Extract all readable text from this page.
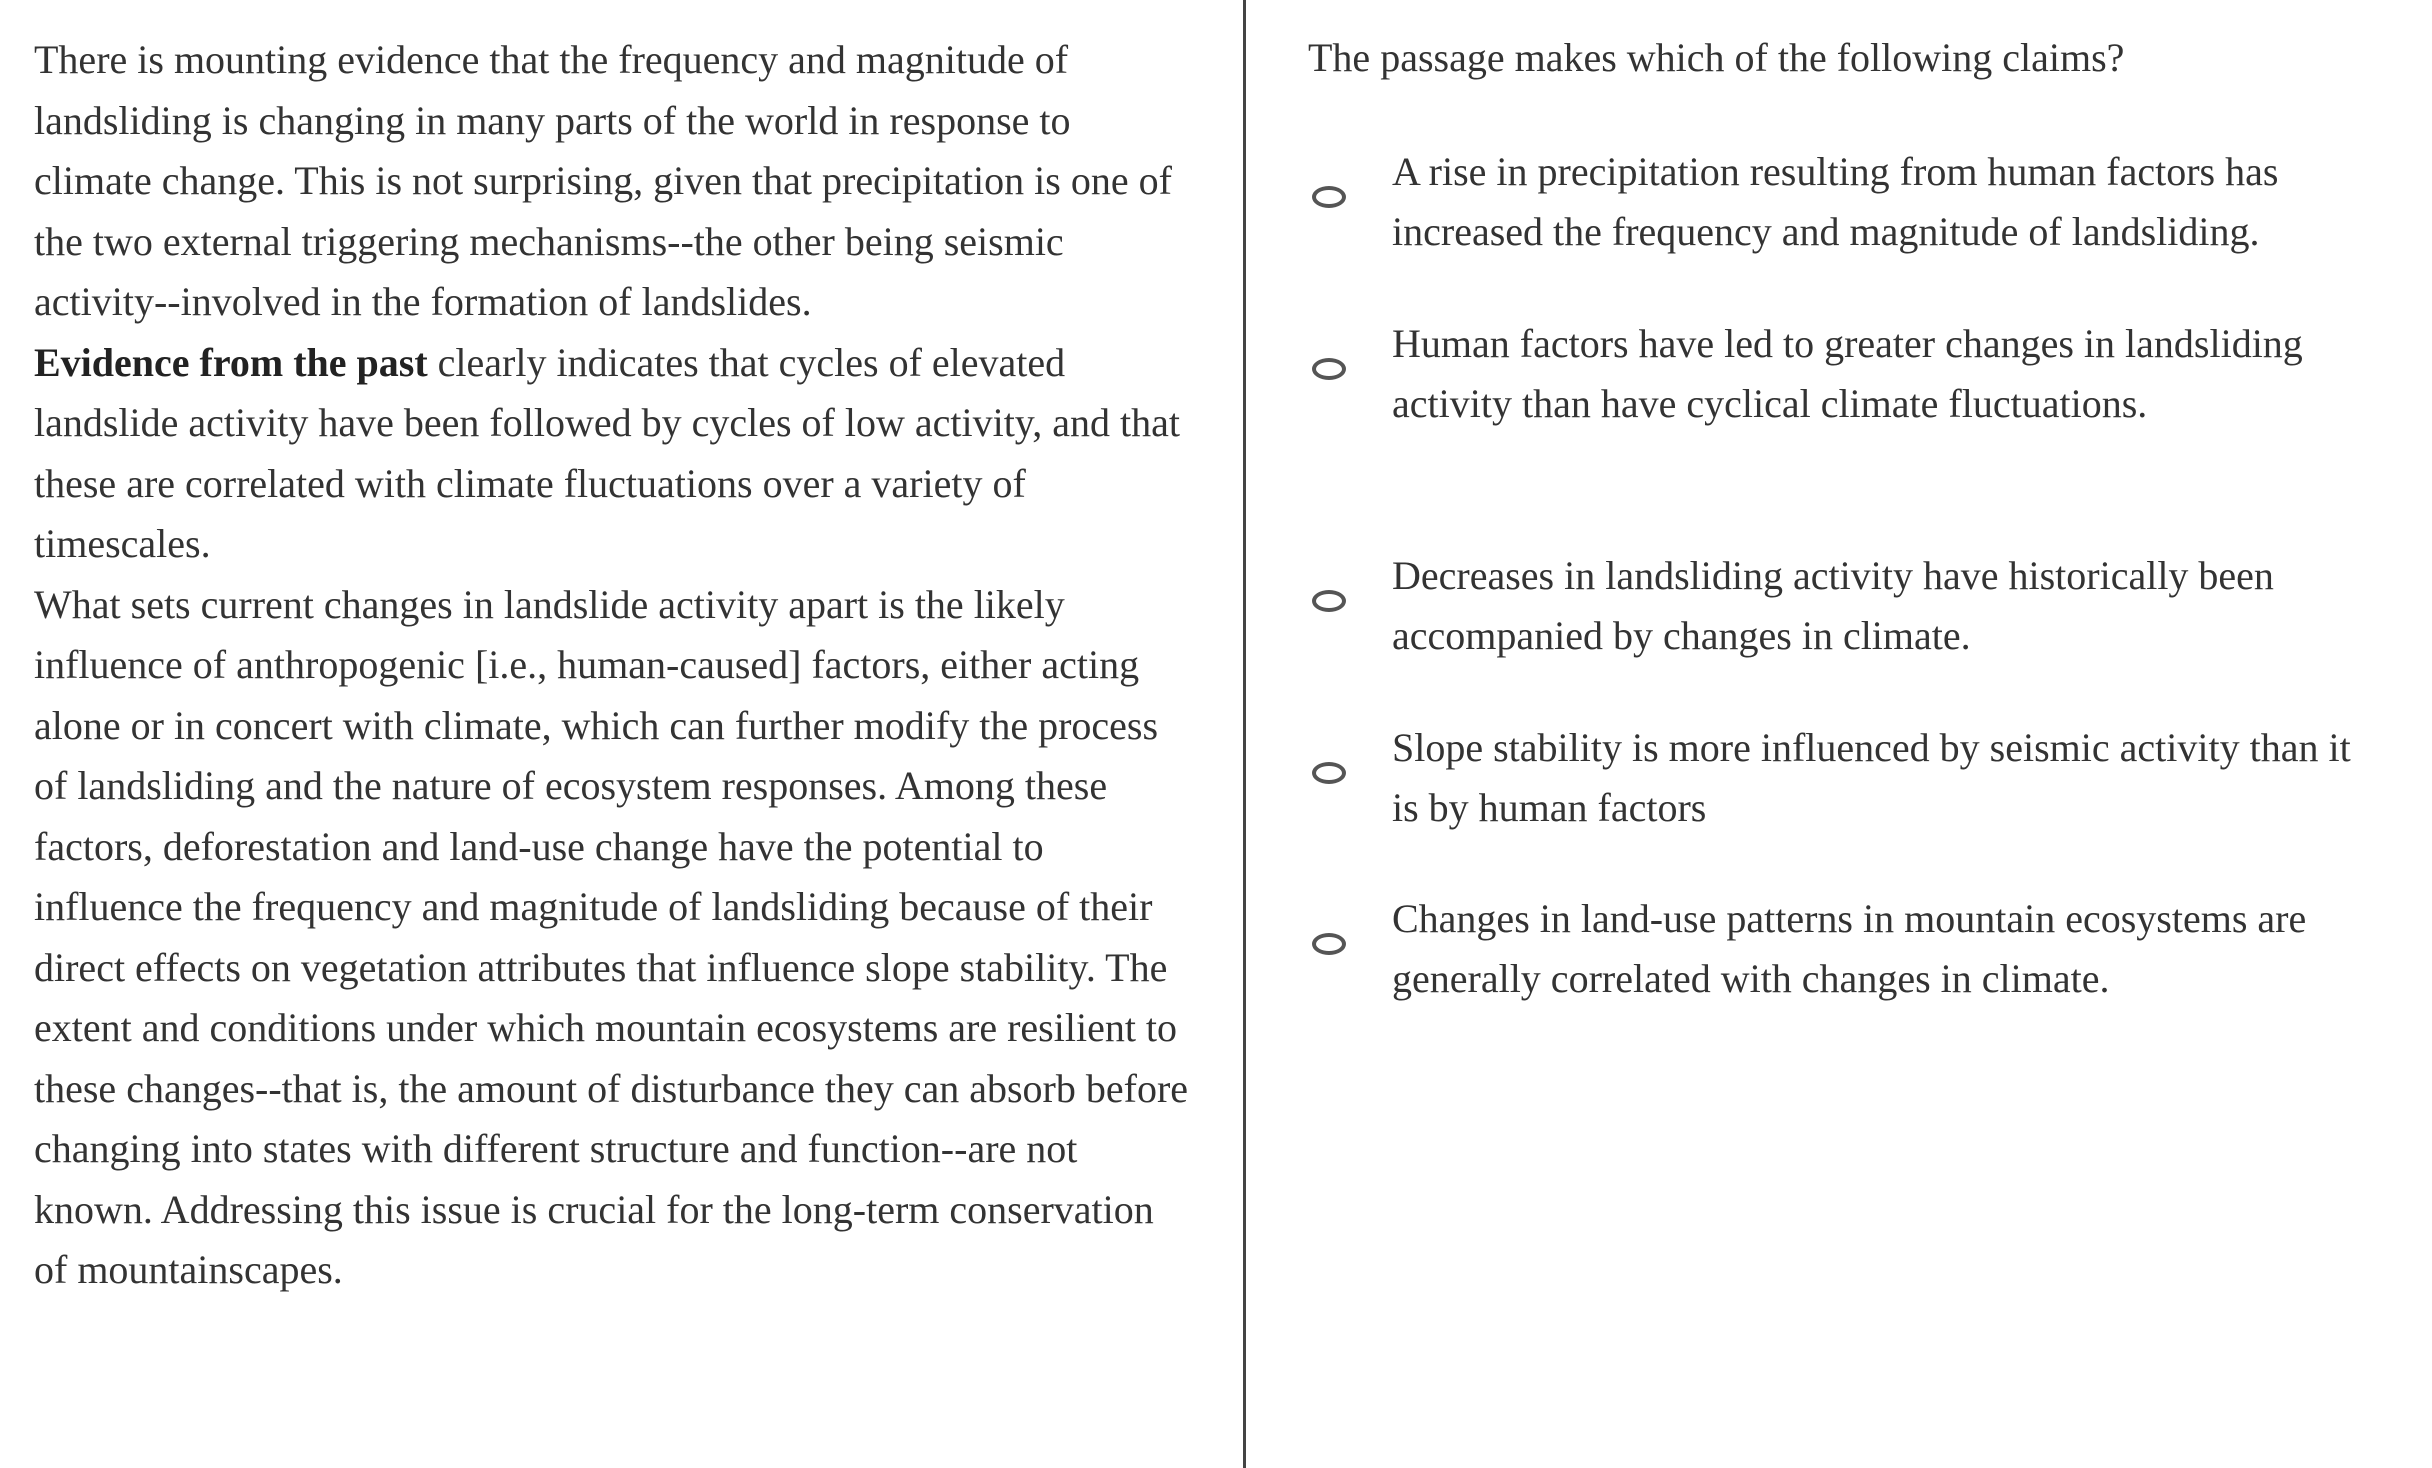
There is mounting evidence that the frequency and magnitude of landsliding is changing in many parts of the world in response to climate change. This is not surprising, given that precipitation is one of the two external triggering mechanisms--the other being seismic activity--involved in the formation of landslides.

Evidence from the past clearly indicates that cycles of elevated landslide activity have been followed by cycles of low activity, and that these are correlated with climate fluctuations over a variety of timescales.

What sets current changes in landslide activity apart is the likely influence of anthropogenic [i.e., human-caused] factors, either acting alone or in concert with climate, which can further modify the process of landsliding and the nature of ecosystem responses. Among these factors, deforestation and land-use change have the potential to influence the frequency and magnitude of landsliding because of their direct effects on vegetation attributes that influence slope stability. The extent and conditions under which mountain ecosystems are resilient to these changes--that is, the amount of disturbance they can absorb before changing into states with different structure and function--are not known. Addressing this issue is crucial for the long-term conservation of mountainscapes.

The passage makes which of the following claims?

A rise in precipitation resulting from human factors has increased the frequency and magnitude of landsliding.
Human factors have led to greater changes in landsliding activity than have cyclical climate fluctuations.
Decreases in landsliding activity have historically been accompanied by changes in climate.
Slope stability is more influenced by seismic activity than it is by human factors
Changes in land-use patterns in mountain ecosystems are generally correlated with changes in climate.
